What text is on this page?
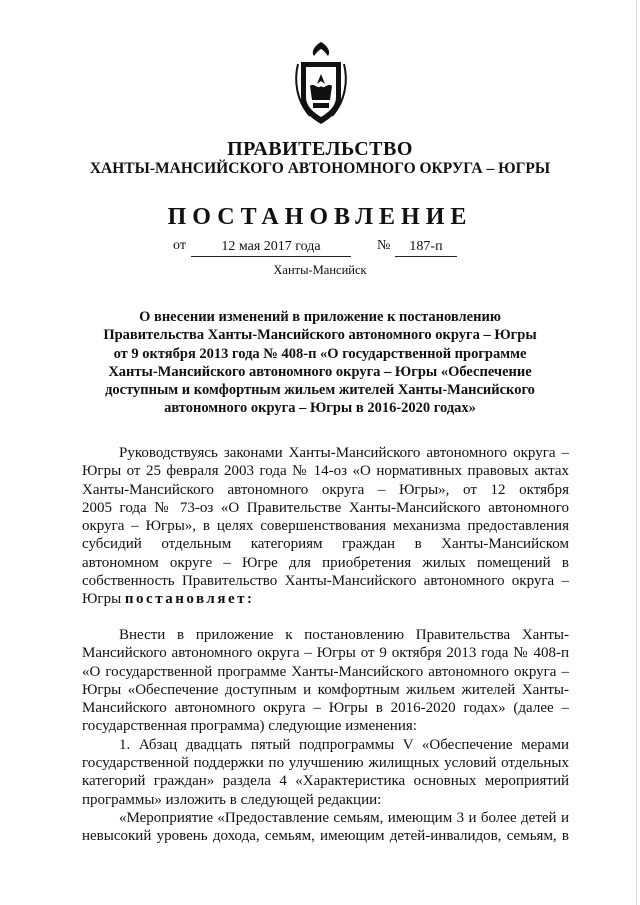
ПРАВИТЕЛЬСТВО
ХАНТЫ-МАНСИЙСКОГО АВТОНОМНОГО ОКРУГА – ЮГРЫ
ПОСТАНОВЛЕНИЕ
от	12 мая 2017 года	№	187-п
Ханты-Мансийск
О внесении изменений в приложение к постановлению
Правительства Ханты-Мансийского автономного округа – Югры
от 9 октября 2013 года № 408-п «О государственной программе
Ханты-Мансийского автономного округа – Югры «Обеспечение
доступным и комфортным жильем жителей Ханты-Мансийского
автономного округа – Югры в 2016-2020 годах»
Руководствуясь законами Ханты-Мансийского автономного округа –
Югры от 25 февраля 2003 года № 14-оз «О нормативных правовых актах
Ханты-Мансийского автономного округа – Югры», от 12 октября
2005 года № 73-оз «О Правительстве Ханты-Мансийского автономного
округа – Югры», в целях совершенствования механизма предоставления
субсидий отдельным категориям граждан в Ханты-Мансийском
автономном округе – Югре для приобретения жилых помещений в
собственность Правительство Ханты-Мансийского автономного округа –
Югры постановляет:
Внести в приложение к постановлению Правительства Ханты-
Мансийского автономного округа – Югры от 9 октября 2013 года № 408-п
«О государственной программе Ханты-Мансийского автономного округа –
Югры «Обеспечение доступным и комфортным жильем жителей Ханты-
Мансийского автономного округа – Югры в 2016-2020 годах» (далее –
государственная программа) следующие изменения:
1. Абзац двадцать пятый подпрограммы V «Обеспечение мерами
государственной поддержки по улучшению жилищных условий отдельных
категорий граждан» раздела 4 «Характеристика основных мероприятий
программы» изложить в следующей редакции:
«Мероприятие «Предоставление семьям, имеющим 3 и более детей и
невысокий уровень дохода, семьям, имеющим детей-инвалидов, семьям, в
